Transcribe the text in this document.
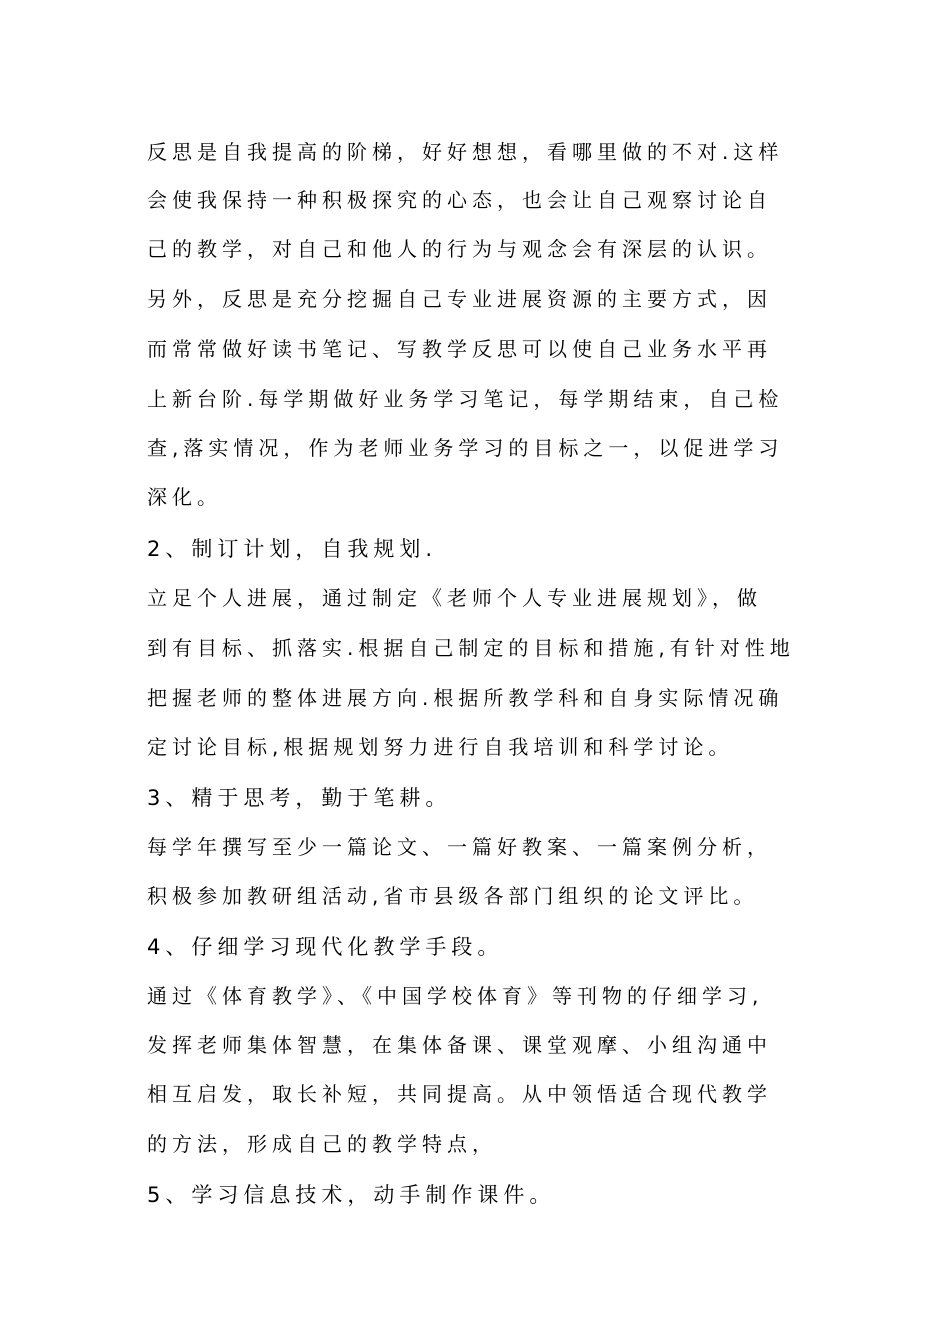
反思是自我提高的阶梯，好好想想，看哪里做的不对.这样
会使我保持一种积极探究的心态，也会让自己观察讨论自
己的教学，对自己和他人的行为与观念会有深层的认识。
另外，反思是充分挖掘自己专业进展资源的主要方式，因
而常常做好读书笔记、写教学反思可以使自己业务水平再
上新台阶.每学期做好业务学习笔记，每学期结束，自己检
查,落实情况，作为老师业务学习的目标之一，以促进学习
深化。
2、制订计划，自我规划.
立足个人进展，通过制定《老师个人专业进展规划》，做
到有目标、抓落实.根据自己制定的目标和措施,有针对性地
把握老师的整体进展方向.根据所教学科和自身实际情况确
定讨论目标,根据规划努力进行自我培训和科学讨论。
3、精于思考，勤于笔耕。
每学年撰写至少一篇论文、一篇好教案、一篇案例分析，
积极参加教研组活动,省市县级各部门组织的论文评比。
4、仔细学习现代化教学手段。
通过《体育教学》、《中国学校体育》等刊物的仔细学习,
发挥老师集体智慧，在集体备课、课堂观摩、小组沟通中
相互启发，取长补短，共同提高。从中领悟适合现代教学
的方法，形成自己的教学特点，
5、学习信息技术，动手制作课件。
